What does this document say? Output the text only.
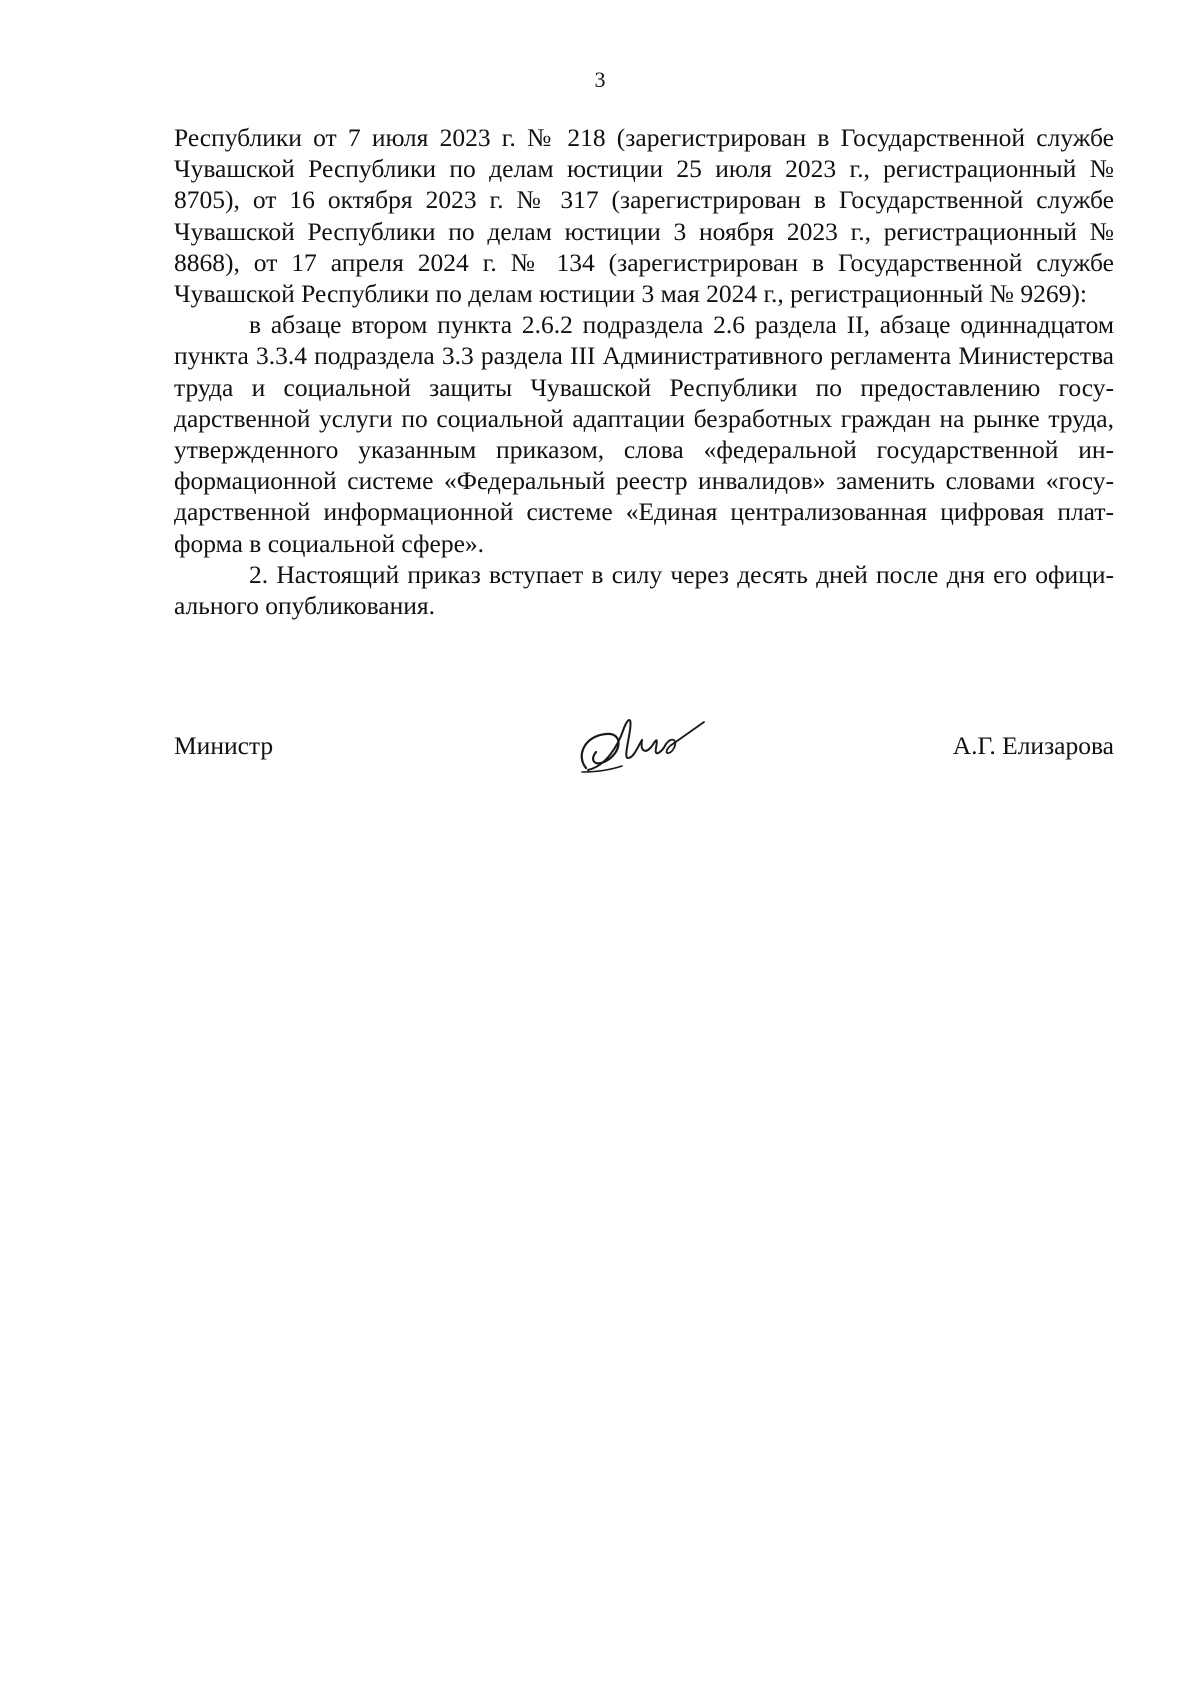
3

Республики от 7 июля 2023 г. № 218 (зарегистрирован в Государственной службе Чувашской Республики по делам юстиции 25 июля 2023 г., регистрационный № 8705), от 16 октября 2023 г. № 317 (зарегистрирован в Государственной службе Чувашской Республики по делам юстиции 3 ноября 2023 г., регистрационный № 8868), от 17 апреля 2024 г. № 134 (зарегистрирован в Государственной службе Чувашской Республики по делам юстиции 3 мая 2024 г., регистрационный № 9269):

в абзаце втором пункта 2.6.2 подраздела 2.6 раздела II, абзаце одиннадцатом пункта 3.3.4 подраздела 3.3 раздела III Административного регламента Министерства труда и социальной защиты Чувашской Республики по предоставлению государственной услуги по социальной адаптации безработных граждан на рынке труда, утвержденного указанным приказом, слова «федеральной государственной информационной системе «Федеральный реестр инвалидов» заменить словами «государственной информационной системе «Единая централизованная цифровая платформа в социальной сфере».

2. Настоящий приказ вступает в силу через десять дней после дня его официального опубликования.

Министр	А.Г. Елизарова
